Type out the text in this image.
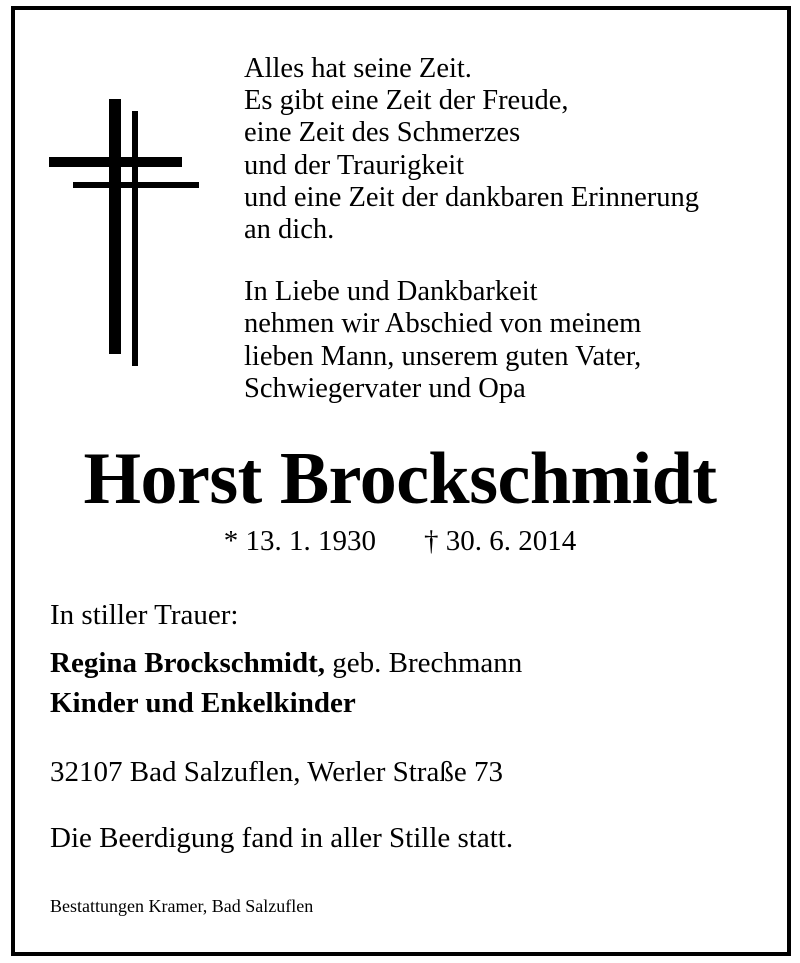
Alles hat seine Zeit.
Es gibt eine Zeit der Freude,
eine Zeit des Schmerzes
und der Traurigkeit
und eine Zeit der dankbaren Erinnerung
an dich.
In Liebe und Dankbarkeit
nehmen wir Abschied von meinem
lieben Mann, unserem guten Vater,
Schwiegervater und Opa
Horst Brockschmidt
* 13. 1. 1930 † 30. 6. 2014
In stiller Trauer:
Regina Brockschmidt, geb. Brechmann
Kinder und Enkelkinder
32107 Bad Salzuflen, Werler Straße 73
Die Beerdigung fand in aller Stille statt.
Bestattungen Kramer, Bad Salzuflen
